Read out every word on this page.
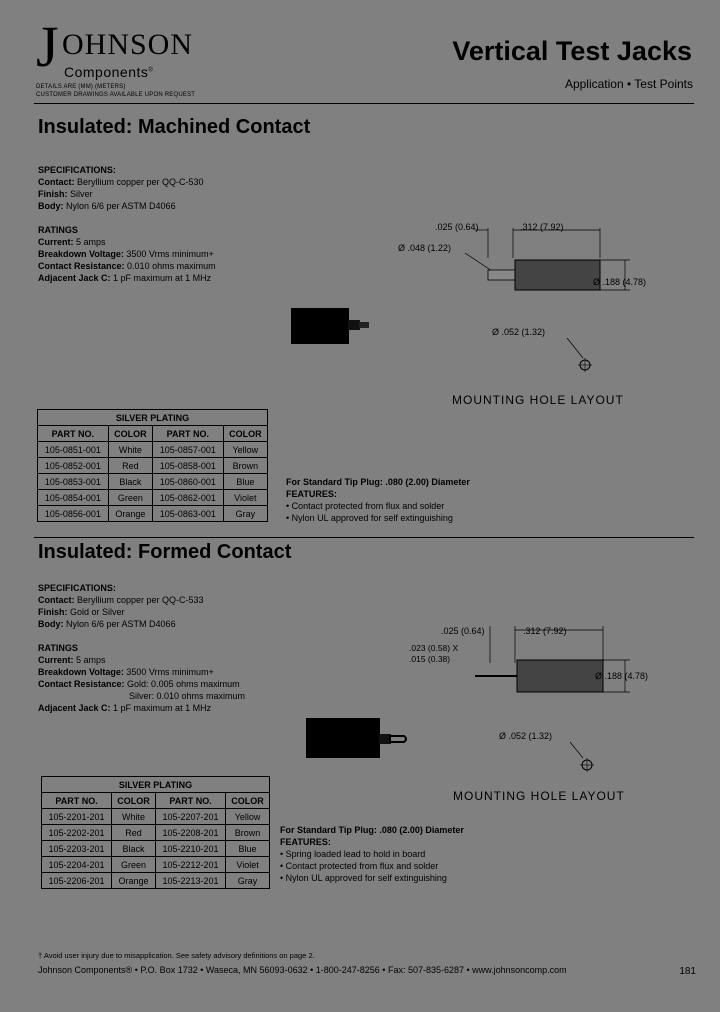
J OHNSON
Components®
DETAILS ARE (MM) (METERS)
CUSTOMER DRAWINGS AVAILABLE UPON REQUEST
Vertical Test Jacks
Application • Test Points
Insulated: Machined Contact
SPECIFICATIONS:
Contact: Beryllium copper per QQ-C-530
Finish: Silver
Body: Nylon 6/6 per ASTM D4066
RATINGS
Current: 5 amps
Breakdown Voltage: 3500 Vrms minimum+
Contact Resistance: 0.010 ohms maximum
Adjacent Jack C: 1 pF maximum at 1 MHz
.025 (0.64)	.312 (7.92)
Ø .048 (1.22)
Ø .188 (4.78)
Ø .052 (1.32)
MOUNTING HOLE LAYOUT
SILVER PLATING			
PART NO.	COLOR	PART NO.	COLOR
105-0851-001	White	105-0857-001	Yellow
105-0852-001	Red	105-0858-001	Brown
105-0853-001	Black	105-0860-001	Blue
105-0854-001	Green	105-0862-001	Violet
105-0856-001	Orange	105-0863-001	Gray
For Standard Tip Plug: .080 (2.00) Diameter
FEATURES:
• Contact protected from flux and solder
• Nylon UL approved for self extinguishing
Insulated: Formed Contact
SPECIFICATIONS:
Contact: Beryllium copper per QQ-C-533
Finish: Gold or Silver
Body: Nylon 6/6 per ASTM D4066
RATINGS
Current: 5 amps
Breakdown Voltage: 3500 Vrms minimum+
Contact Resistance: Gold: 0.005 ohms maximum
Silver: 0.010 ohms maximum
Adjacent Jack C: 1 pF maximum at 1 MHz
.025 (0.64)	.312 (7.92)
.023 (0.58) X
.015 (0.38)
Ø .188 (4.78)
Ø .052 (1.32)
MOUNTING HOLE LAYOUT
SILVER PLATING			
PART NO.	COLOR	PART NO.	COLOR
105-2201-201	White	105-2207-201	Yellow
105-2202-201	Red	105-2208-201	Brown
105-2203-201	Black	105-2210-201	Blue
105-2204-201	Green	105-2212-201	Violet
105-2206-201	Orange	105-2213-201	Gray
For Standard Tip Plug: .080 (2.00) Diameter
FEATURES:
• Spring loaded lead to hold in board
• Contact protected from flux and solder
• Nylon UL approved for self extinguishing
† Avoid user injury due to misapplication. See safety advisory definitions on page 2.
Johnson Components® • P.O. Box 1732 • Waseca, MN 56093-0632 • 1-800-247-8256 • Fax: 507-835-6287 • www.johnsoncomp.com	181
